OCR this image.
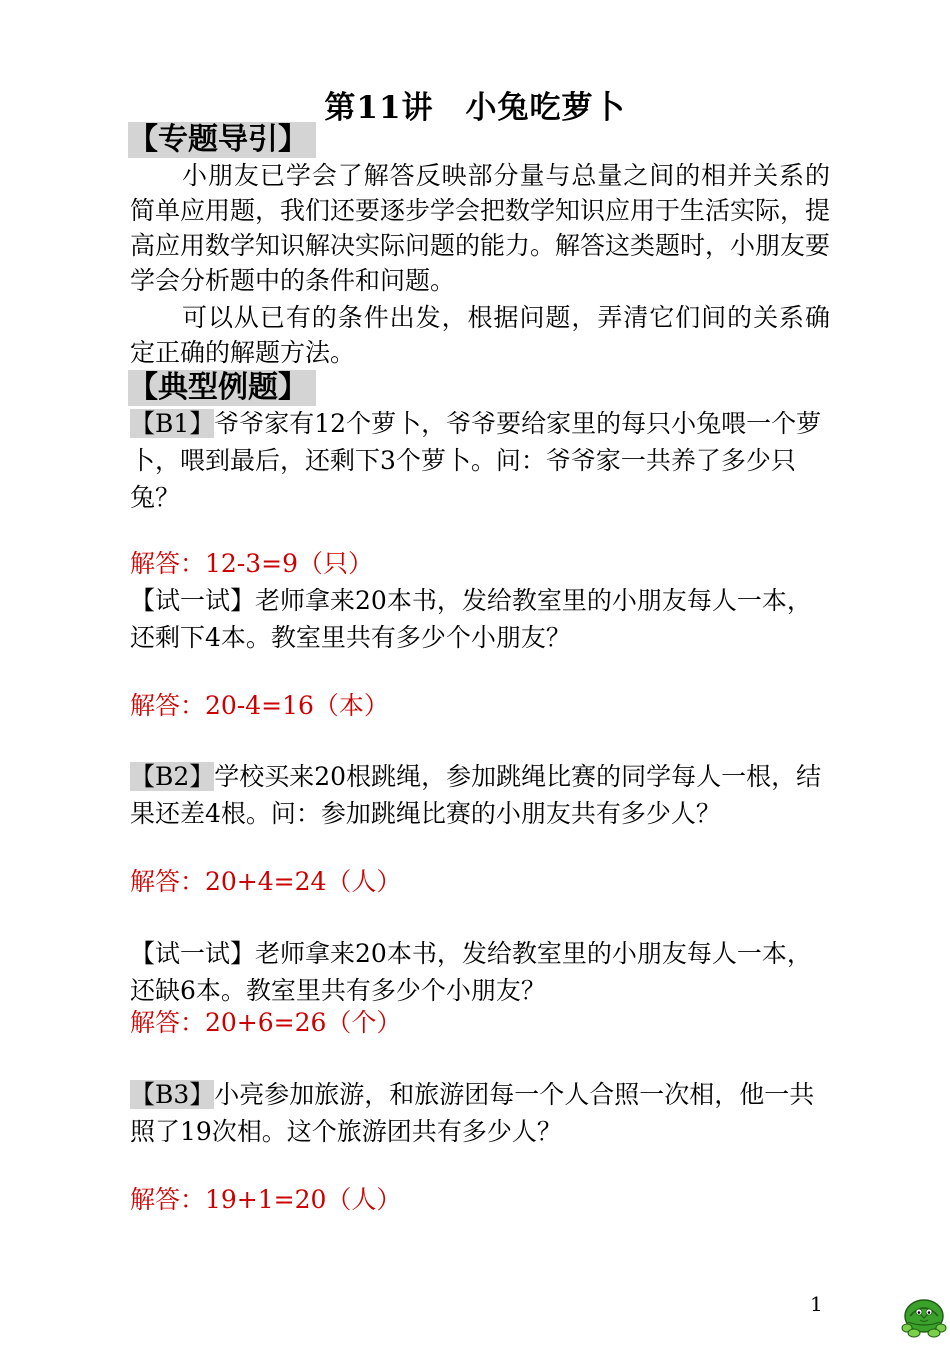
第11讲　小兔吃萝卜
【专题导引】

小朋友已学会了解答反映部分量与总量之间的相并关系的简单应用题，我们还要逐步学会把数学知识应用于生活实际，提高应用数学知识解决实际问题的能力。解答这类题时，小朋友要学会分析题中的条件和问题。

可以从已有的条件出发，根据问题，弄清它们间的关系确定正确的解题方法。

【典型例题】

【B1】爷爷家有12个萝卜，爷爷要给家里的每只小兔喂一个萝卜，喂到最后，还剩下3个萝卜。问：爷爷家一共养了多少只兔？

解答：12-3=9（只）

【试一试】老师拿来20本书，发给教室里的小朋友每人一本，还剩下4本。教室里共有多少个小朋友？

解答：20-4=16（本）

【B2】学校买来20根跳绳，参加跳绳比赛的同学每人一根，结果还差4根。问：参加跳绳比赛的小朋友共有多少人？

解答：20+4=24（人）

【试一试】老师拿来20本书，发给教室里的小朋友每人一本，还缺6本。教室里共有多少个小朋友？

解答：20+6=26（个）

【B3】小亮参加旅游，和旅游团每一个人合照一次相，他一共照了19次相。这个旅游团共有多少人？

解答：19+1=20（人）

1
